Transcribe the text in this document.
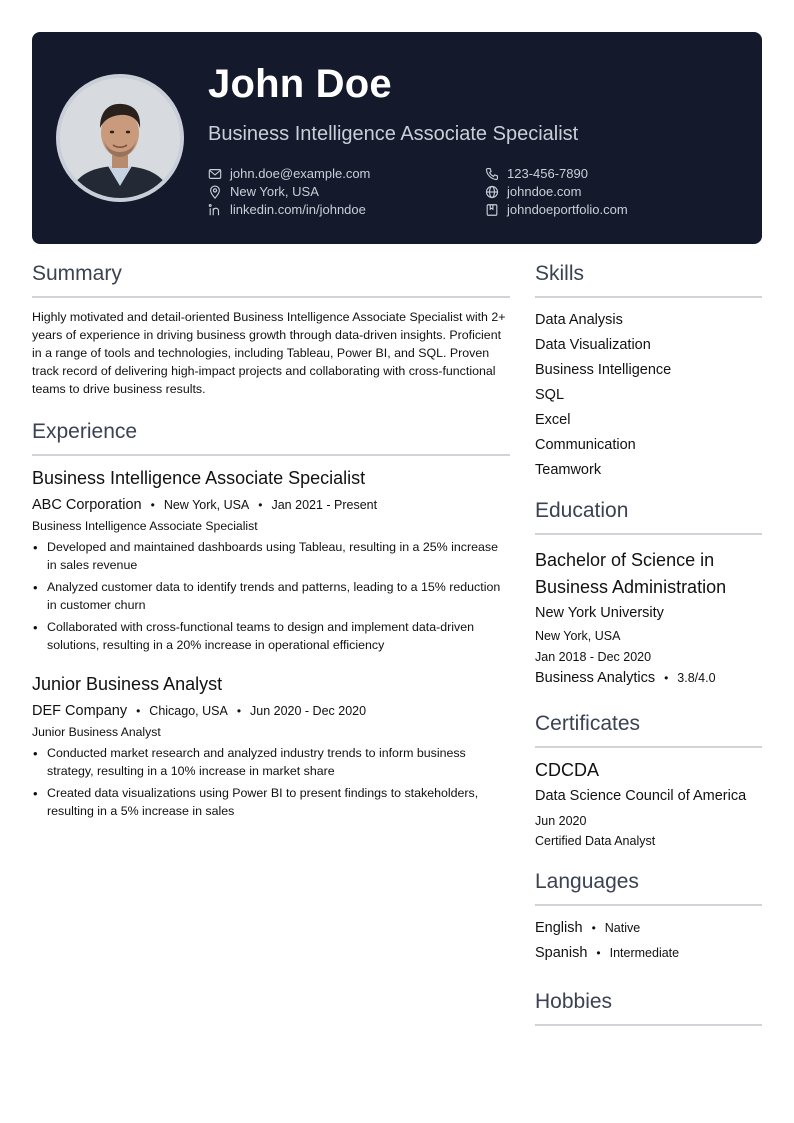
John Doe
Business Intelligence Associate Specialist
john.doe@example.com
New York, USA
linkedin.com/in/johndoe
123-456-7890
johndoe.com
johndoeportfolio.com
Summary

Highly motivated and detail-oriented Business Intelligence Associate Specialist with 2+ years of experience in driving business growth through data-driven insights. Proficient in a range of tools and technologies, including Tableau, Power BI, and SQL. Proven track record of delivering high-impact projects and collaborating with cross-functional teams to drive business results.

Experience
Business Intelligence Associate Specialist
ABC Corporation • New York, USA • Jan 2021 - Present
Business Intelligence Associate Specialist
• Developed and maintained dashboards using Tableau, resulting in a 25% increase in sales revenue
• Analyzed customer data to identify trends and patterns, leading to a 15% reduction in customer churn
• Collaborated with cross-functional teams to design and implement data-driven solutions, resulting in a 20% increase in operational efficiency
Junior Business Analyst
DEF Company • Chicago, USA • Jun 2020 - Dec 2020
Junior Business Analyst
• Conducted market research and analyzed industry trends to inform business strategy, resulting in a 10% increase in market share
• Created data visualizations using Power BI to present findings to stakeholders, resulting in a 5% increase in sales
Skills
Data Analysis
Data Visualization
Business Intelligence
SQL
Excel
Communication
Teamwork
Education
Bachelor of Science in Business Administration
New York University
New York, USA
Jan 2018 - Dec 2020
Business Analytics • 3.8/4.0
Certificates
CDCDA
Data Science Council of America
Jun 2020
Certified Data Analyst
Languages
English • Native
Spanish • Intermediate
Hobbies
